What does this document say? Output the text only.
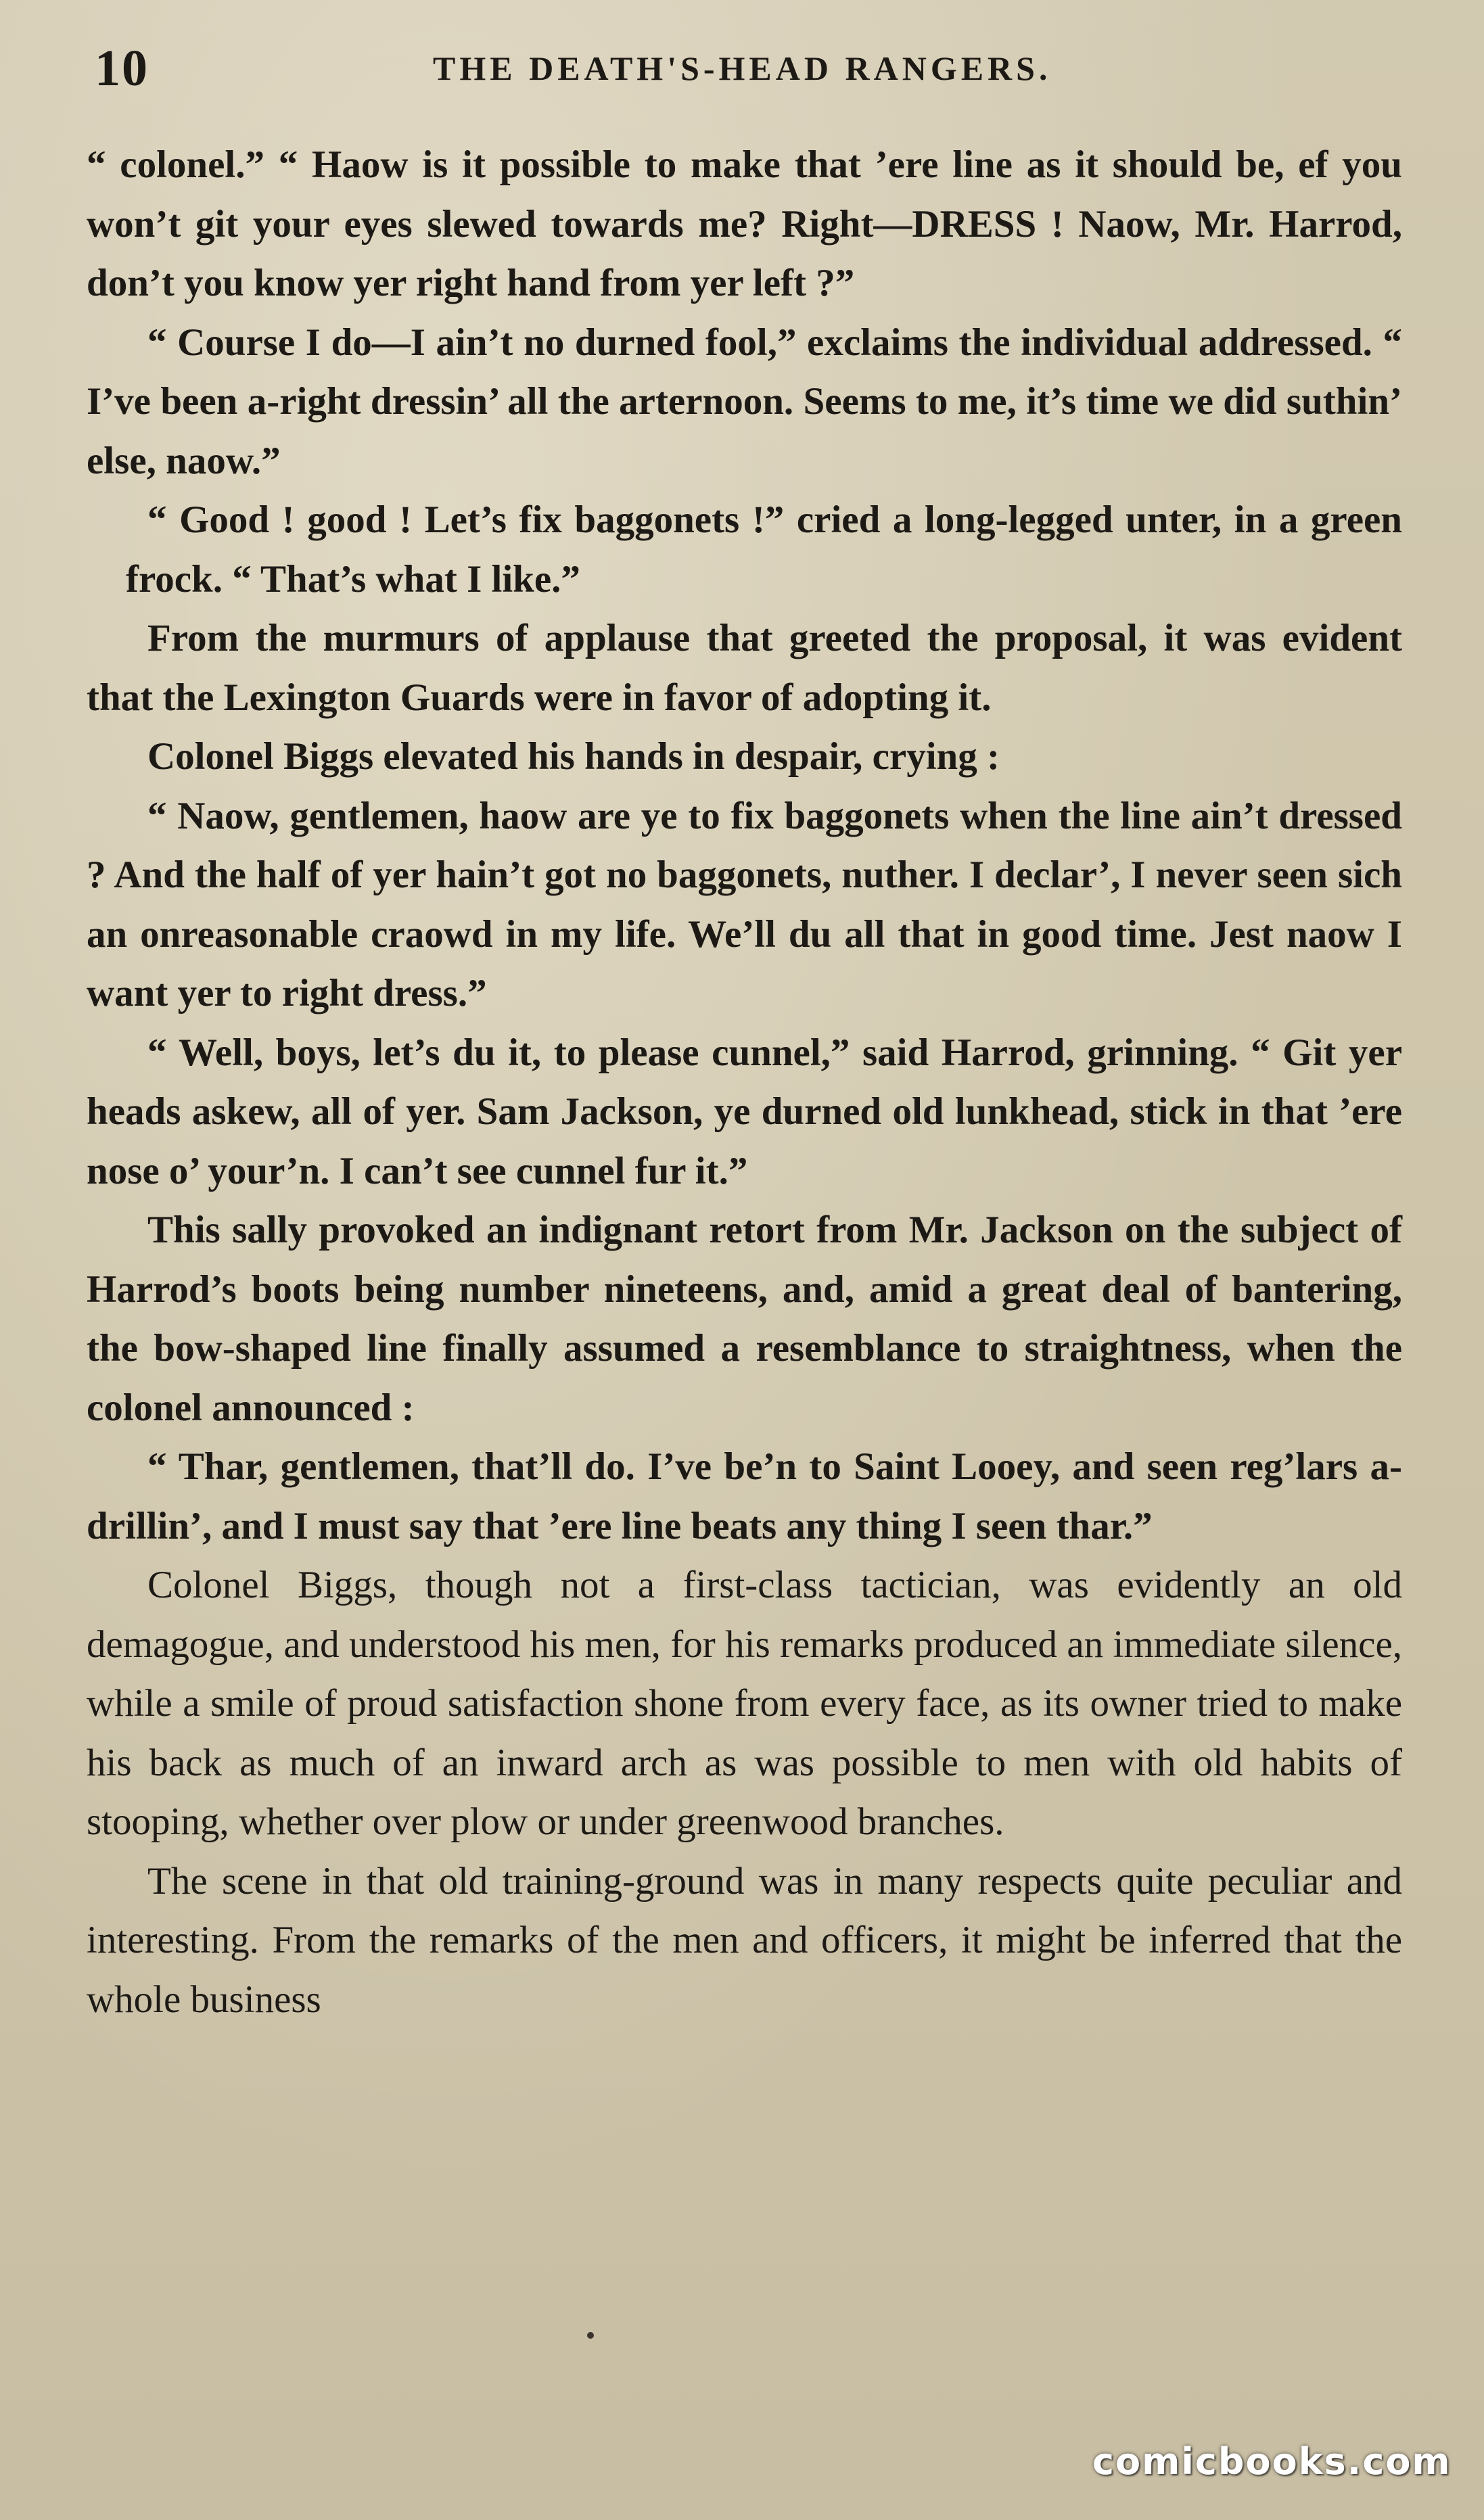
10	THE DEATH'S-HEAD RANGERS.

“ colonel.” “ Haow is it possible to make that ’ere line as it should be, ef you won’t git your eyes slewed towards me? Right—DRESS ! Naow, Mr. Harrod, don’t you know yer right hand from yer left ?”

“ Course I do—I ain’t no durned fool,” exclaims the individual addressed. “ I’ve been a-right dressin’ all the arternoon. Seems to me, it’s time we did suthin’ else, naow.”

“ Good ! good ! Let’s fix baggonets !” cried a long-legged unter, in a green frock. “ That’s what I like.”

From the murmurs of applause that greeted the proposal, it was evident that the Lexington Guards were in favor of adopting it.

Colonel Biggs elevated his hands in despair, crying :

“ Naow, gentlemen, haow are ye to fix baggonets when the line ain’t dressed ? And the half of yer hain’t got no baggonets, nuther. I declar’, I never seen sich an onreasonable craowd in my life. We’ll du all that in good time. Jest naow I want yer to right dress.”

“ Well, boys, let’s du it, to please cunnel,” said Harrod, grinning. “ Git yer heads askew, all of yer. Sam Jackson, ye durned old lunkhead, stick in that ’ere nose o’ your’n. I can’t see cunnel fur it.”

This sally provoked an indignant retort from Mr. Jackson on the subject of Harrod’s boots being number nineteens, and, amid a great deal of bantering, the bow-shaped line finally assumed a resemblance to straightness, when the colonel announced :

“ Thar, gentlemen, that’ll do. I’ve be’n to Saint Looey, and seen reg’lars a-drillin’, and I must say that ’ere line beats any thing I seen thar.”

Colonel Biggs, though not a first-class tactician, was evidently an old demagogue, and understood his men, for his remarks produced an immediate silence, while a smile of proud satisfaction shone from every face, as its owner tried to make his back as much of an inward arch as was possible to men with old habits of stooping, whether over plow or under greenwood branches.

The scene in that old training-ground was in many respects quite peculiar and interesting. From the remarks of the men and officers, it might be inferred that the whole business

comicbooks.com
